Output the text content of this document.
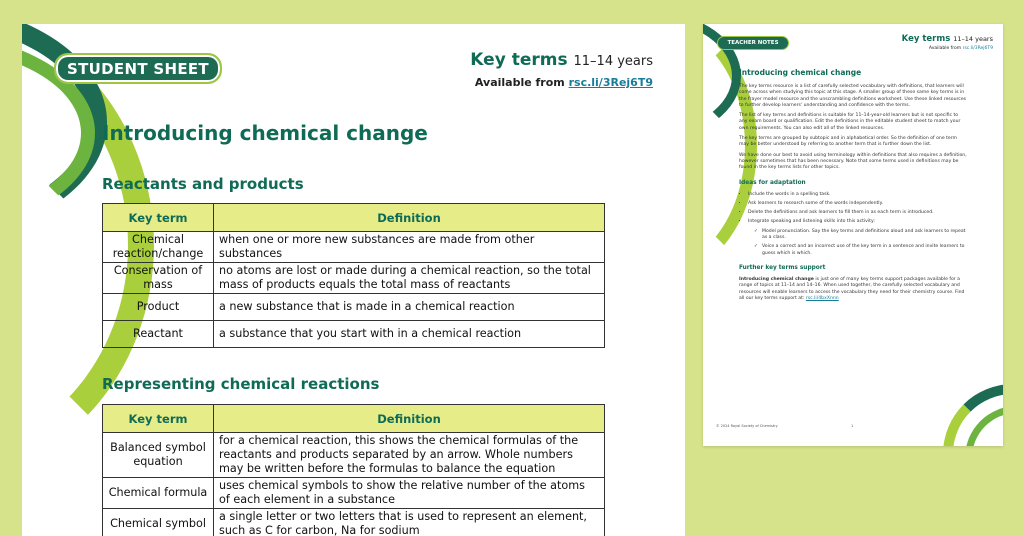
STUDENT SHEET	Key terms 11–14 years
Available from rsc.li/3Rej6T9
Introducing chemical change
Reactants and products
Key term	Definition
Chemical reaction/change	when one or more new substances are made from other substances
Conservation of mass	no atoms are lost or made during a chemical reaction, so the total mass of products equals the total mass of reactants
Product	a new substance that is made in a chemical reaction
Reactant	a substance that you start with in a chemical reaction
Representing chemical reactions
Key term	Definition
Balanced symbol equation	for a chemical reaction, this shows the chemical formulas of the reactants and products separated by an arrow. Whole numbers may be written before the formulas to balance the equation
Chemical formula	uses chemical symbols to show the relative number of the atoms of each element in a substance
Chemical symbol	a single letter or two letters that is used to represent an element, such as C for carbon, Na for sodium
TEACHER NOTES	Key terms 11–14 years
Available from rsc.li/3Rej6T9
Introducing chemical change

The key terms resource is a list of carefully selected vocabulary with definitions, that learners will come across when studying this topic at this stage. A smaller group of these same key terms is in the frayer model resource and the unscrambling definitions worksheet. Use these linked resources to further develop learners' understanding and confidence with the terms.

The list of key terms and definitions is suitable for 11–14-year-old learners but is not specific to any exam board or qualification. Edit the definitions in the editable student sheet to match your own requirements. You can also edit all of the linked resources.

The key terms are grouped by subtopic and in alphabetical order. So the definition of one term may be better understood by referring to another term that is further down the list.

We have done our best to avoid using terminology within definitions that also requires a definition, however sometimes that has been necessary. Note that some terms used in definitions may be found in the key terms lists for other topics.

Ideas for adaptation
• Include the words in a spelling task.
• Ask learners to research some of the words independently.
• Delete the definitions and ask learners to fill them in as each term is introduced.
• Integrate speaking and listening skills into this activity:
✓ Model pronunciation. Say the key terms and definitions aloud and ask learners to repeat as a class.
✓ Voice a correct and an incorrect use of the key term in a sentence and invite learners to guess which is which.
Further key terms support

Introducing chemical change is just one of many key terms support packages available for a range of topics at 11–14 and 14–16. When used together, the carefully selected vocabulary and resources will enable learners to access the vocabulary they need for their chemistry course. Find all our key terms support at: rsc.li/4bxXnnn

© 2024 Royal Society of Chemistry	1
